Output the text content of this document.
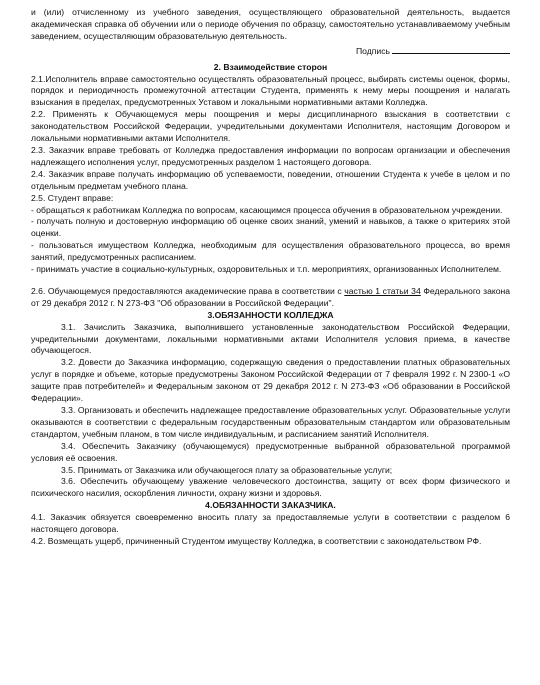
и (или) отчисленному из учебного заведения, осуществляющего образовательной деятельность, выдается академическая справка об обучении или о периоде обучения по образцу, самостоятельно устанавливаемому учебным заведением, осуществляющим образовательную деятельность.

Подпись

2. Взаимодействие сторон

2.1.Исполнитель вправе самостоятельно осуществлять образовательный процесс, выбирать системы оценок, формы, порядок и периодичность промежуточной аттестации Студента, применять к нему меры поощрения и налагать взыскания в пределах, предусмотренных Уставом и локальными нормативными актами Колледжа.

2.2. Применять к Обучающемуся меры поощрения и меры дисциплинарного взыскания в соответствии с законодательством Российской Федерации, учредительными документами Исполнителя, настоящим Договором и локальными нормативными актами Исполнителя.

2.3. Заказчик вправе требовать от Колледжа предоставления информации по вопросам организации и обеспечения надлежащего исполнения услуг, предусмотренных разделом 1 настоящего договора.

2.4. Заказчик вправе получать информацию об успеваемости, поведении, отношении Студента к учебе в целом и по отдельным предметам учебного плана.

2.5. Студент вправе:

- обращаться к работникам Колледжа по вопросам, касающимся процесса обучения в образовательном учреждении.

- получать полную и достоверную информацию об оценке своих знаний, умений и навыков, а также о критериях этой оценки.

- пользоваться имуществом Колледжа, необходимым для осуществления образовательного процесса, во время занятий, предусмотренных расписанием.

- принимать участие в социально-культурных, оздоровительных и т.п. мероприятиях, организованных Исполнителем.

2.6. Обучающемуся предоставляются академические права в соответствии с частью 1 статьи 34 Федерального закона от 29 декабря 2012 г. N 273-ФЗ "Об образовании в Российской Федерации".

3.ОБЯЗАННОСТИ КОЛЛЕДЖА

3.1. Зачислить Заказчика, выполнившего установленные законодательством Российской Федерации, учредительными документами, локальными нормативными актами Исполнителя условия приема, в качестве обучающегося.

3.2. Довести до Заказчика информацию, содержащую сведения о предоставлении платных образовательных услуг в порядке и объеме, которые предусмотрены Законом Российской Федерации от 7 февраля 1992 г. N 2300-1 «О защите прав потребителей» и Федеральным законом от 29 декабря 2012 г. N 273-ФЗ «Об образовании в Российской Федерации».

3.3. Организовать и обеспечить надлежащее предоставление образовательных услуг. Образовательные услуги оказываются в соответствии с федеральным государственным образовательным стандартом или образовательным стандартом, учебным планом, в том числе индивидуальным, и расписанием занятий Исполнителя.

3.4. Обеспечить Заказчику (обучающемуся) предусмотренные выбранной образовательной программой условия её освоения.

3.5. Принимать от Заказчика или обучающегося плату за образовательные услуги;

3.6. Обеспечить обучающему уважение человеческого достоинства, защиту от всех форм физического и психического насилия, оскорбления личности, охрану жизни и здоровья.

4.ОБЯЗАННОСТИ ЗАКАЗЧИКА.

4.1. Заказчик обязуется своевременно вносить плату за предоставляемые услуги в соответствии с разделом 6 настоящего договора.

4.2. Возмещать ущерб, причиненный Студентом имуществу Колледжа, в соответствии с законодательством РФ.
